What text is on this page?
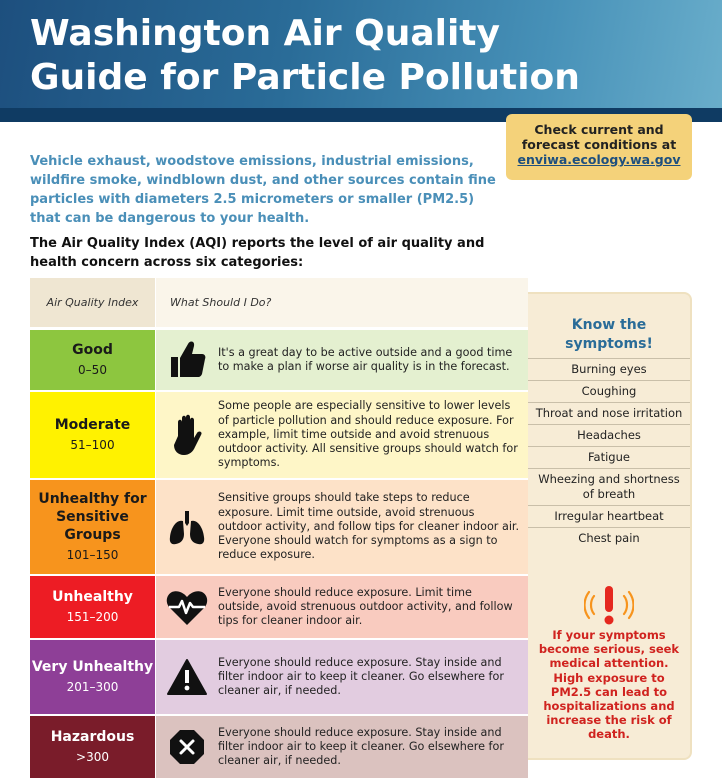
Washington Air Quality
Guide for Particle Pollution
Check current and
forecast conditions at
enviwa.ecology.wa.gov

Vehicle exhaust, woodstove emissions, industrial emissions, wildfire smoke, windblown dust, and other sources contain fine particles with diameters 2.5 micrometers or smaller (PM2.5) that can be dangerous to your health.

The Air Quality Index (AQI) reports the level of air quality and health concern across six categories:

Air Quality Index	What Should I Do?
Good
0–50
It's a great day to be active outside and a good time to make a plan if worse air quality is in the forecast.
Moderate
51–100
Some people are especially sensitive to lower levels of particle pollution and should reduce exposure. For example, limit time outside and avoid strenuous outdoor activity. All sensitive groups should watch for symptoms.
Unhealthy for Sensitive Groups
101–150
Sensitive groups should take steps to reduce exposure. Limit time outside, avoid strenuous outdoor activity, and follow tips for cleaner indoor air. Everyone should watch for symptoms as a sign to reduce exposure.
Unhealthy
151–200
Everyone should reduce exposure. Limit time outside, avoid strenuous outdoor activity, and follow tips for cleaner indoor air.
Very Unhealthy
201–300
Everyone should reduce exposure. Stay inside and filter indoor air to keep it cleaner. Go elsewhere for cleaner air, if needed.
Hazardous
>300
Everyone should reduce exposure. Stay inside and filter indoor air to keep it cleaner. Go elsewhere for cleaner air, if needed.
Know the symptoms!
Burning eyes
Coughing
Throat and nose irritation
Headaches
Fatigue
Wheezing and shortness of breath
Irregular heartbeat
Chest pain
If your symptoms become serious, seek medical attention. High exposure to PM2.5 can lead to hospitalizations and increase the risk of death.
